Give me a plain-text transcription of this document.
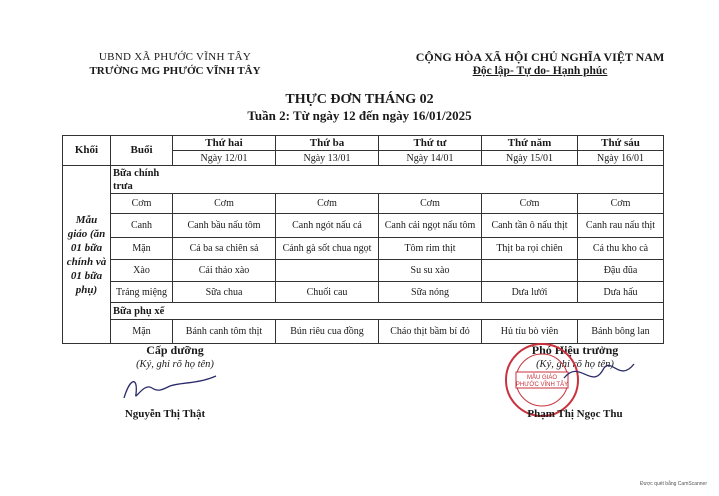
UBND XÃ PHƯỚC VĨNH TÂY
TRƯỜNG MG PHƯỚC VĨNH TÂY
CỘNG HÒA XÃ HỘI CHỦ NGHĨA VIỆT NAM
Độc lập- Tự do- Hạnh phúc
THỰC ĐƠN THÁNG 02
Tuần 2: Từ ngày 12 đến ngày 16/01/2025
Khối	Buổi	Thứ hai	Thứ ba	Thứ tư	Thứ năm	Thứ sáu
		Ngày 12/01	Ngày 13/01	Ngày 14/01	Ngày 15/01	Ngày 16/01
Mẫu giáo (ăn 01 bữa chính và 01 bữa phụ)	Bữa chính trưa					
	Cơm	Cơm	Cơm	Cơm	Cơm	Cơm
	Canh	Canh bầu nấu tôm	Canh ngót nấu cá	Canh cải ngọt nấu tôm	Canh tần ô nấu thịt	Canh rau nấu thịt
	Mặn	Cá ba sa chiên sả	Cánh gà sốt chua ngọt	Tôm rim thịt	Thịt ba rọi chiên	Cá thu kho cà
	Xào	Cải thảo xào		Su su xào		Đậu đũa
	Tráng miệng	Sữa chua	Chuối cau	Sữa nóng	Dưa lưới	Dưa hấu
	Bữa phụ xế					
	Mặn	Bánh canh tôm thịt	Bún riêu cua đồng	Cháo thịt bầm bí đỏ	Hủ tíu bò viên	Bánh bông lan
Cấp dưỡng
(Ký, ghi rõ họ tên)
Nguyễn Thị Thật
Phó Hiệu trưởng
(Ký, ghi rõ họ tên)
MẪU GIÁO PHƯỚC VĨNH TÂY
Phạm Thị Ngọc Thu
Được quét bằng CamScanner
